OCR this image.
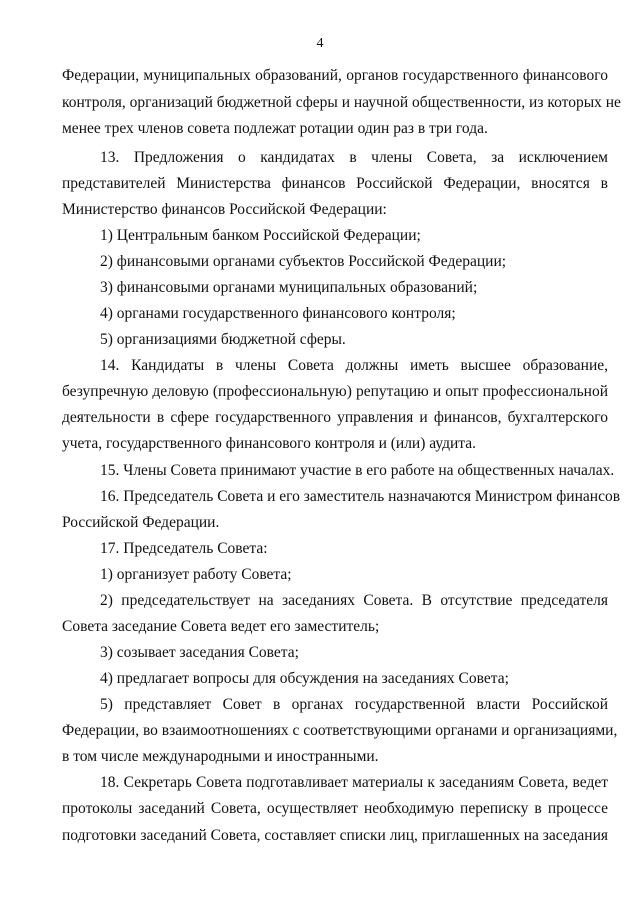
4
Федерации, муниципальных образований, органов государственного финансового
контроля, организаций бюджетной сферы и научной общественности, из которых не
менее трех членов совета подлежат ротации один раз в три года.
13. Предложения о кандидатах в члены Совета, за исключением
представителей Министерства финансов Российской Федерации, вносятся в
Министерство финансов Российской Федерации:
1) Центральным банком Российской Федерации;
2) финансовыми органами субъектов Российской Федерации;
3) финансовыми органами муниципальных образований;
4) органами государственного финансового контроля;
5) организациями бюджетной сферы.
14. Кандидаты в члены Совета должны иметь высшее образование,
безупречную деловую (профессиональную) репутацию и опыт профессиональной
деятельности в сфере государственного управления и финансов, бухгалтерского
учета, государственного финансового контроля и (или) аудита.
15. Члены Совета принимают участие в его работе на общественных началах.
16. Председатель Совета и его заместитель назначаются Министром финансов
Российской Федерации.
17. Председатель Совета:
1) организует работу Совета;
2) председательствует на заседаниях Совета. В отсутствие председателя
Совета заседание Совета ведет его заместитель;
3) созывает заседания Совета;
4) предлагает вопросы для обсуждения на заседаниях Совета;
5) представляет Совет в органах государственной власти Российской
Федерации, во взаимоотношениях с соответствующими органами и организациями,
в том числе международными и иностранными.
18. Секретарь Совета подготавливает материалы к заседаниям Совета, ведет
протоколы заседаний Совета, осуществляет необходимую переписку в процессе
подготовки заседаний Совета, составляет списки лиц, приглашенных на заседания
